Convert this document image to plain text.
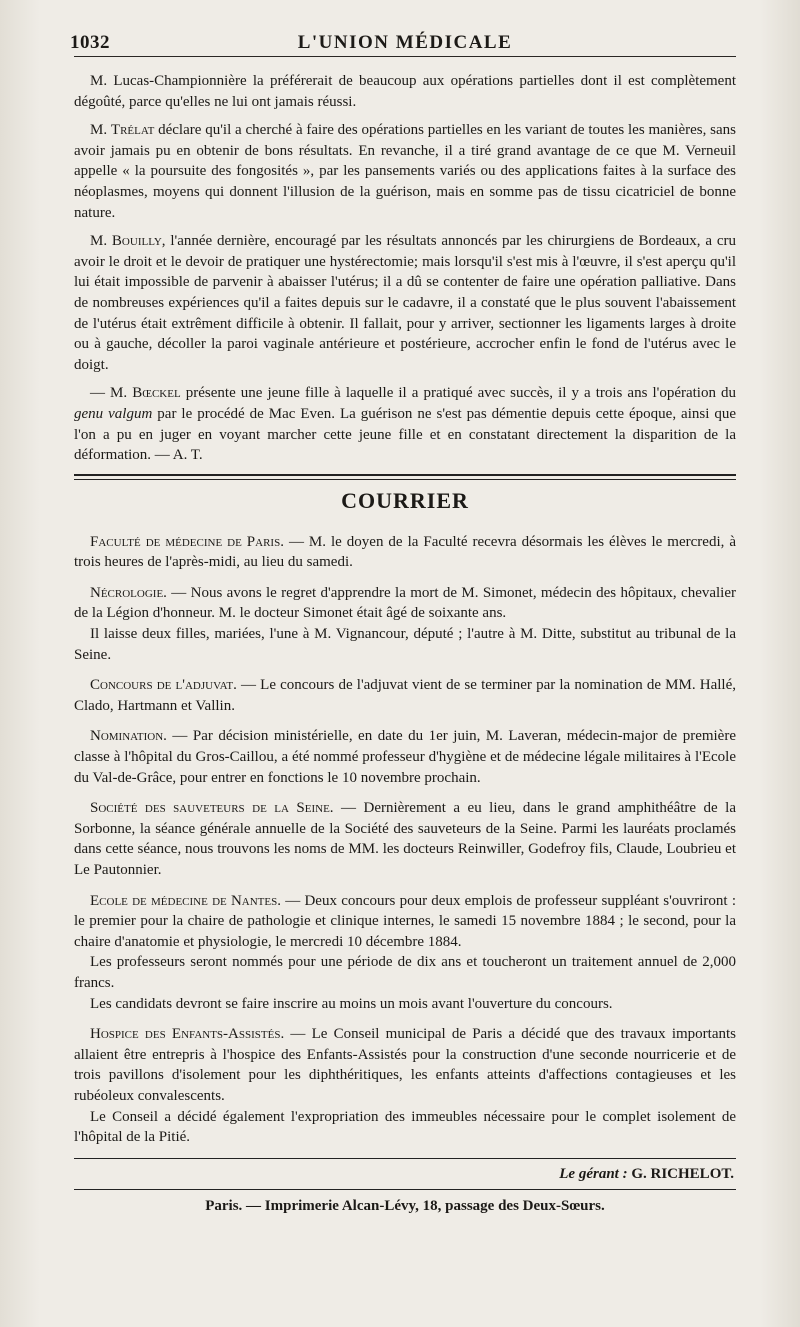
1032	L'UNION MÉDICALE

M. Lucas-Championnière la préférerait de beaucoup aux opérations partielles dont il est complètement dégoûté, parce qu'elles ne lui ont jamais réussi.

M. Trélat déclare qu'il a cherché à faire des opérations partielles en les variant de toutes les manières, sans avoir jamais pu en obtenir de bons résultats. En revanche, il a tiré grand avantage de ce que M. Verneuil appelle « la poursuite des fongosités », par les pansements variés ou des applications faites à la surface des néoplasmes, moyens qui donnent l'illusion de la guérison, mais en somme pas de tissu cicatriciel de bonne nature.

M. Bouilly, l'année dernière, encouragé par les résultats annoncés par les chirurgiens de Bordeaux, a cru avoir le droit et le devoir de pratiquer une hystérectomie; mais lorsqu'il s'est mis à l'œuvre, il s'est aperçu qu'il lui était impossible de parvenir à abaisser l'utérus; il a dû se contenter de faire une opération palliative. Dans de nombreuses expériences qu'il a faites depuis sur le cadavre, il a constaté que le plus souvent l'abaissement de l'utérus était extrêment difficile à obtenir. Il fallait, pour y arriver, sectionner les ligaments larges à droite ou à gauche, décoller la paroi vaginale antérieure et postérieure, accrocher enfin le fond de l'utérus avec le doigt.

— M. Bœckel présente une jeune fille à laquelle il a pratiqué avec succès, il y a trois ans l'opération du genu valgum par le procédé de Mac Even. La guérison ne s'est pas démentie depuis cette époque, ainsi que l'on a pu en juger en voyant marcher cette jeune fille et en constatant directement la disparition de la déformation. — A. T.

COURRIER

Faculté de médecine de Paris. — M. le doyen de la Faculté recevra désormais les élèves le mercredi, à trois heures de l'après-midi, au lieu du samedi.

Nécrologie. — Nous avons le regret d'apprendre la mort de M. Simonet, médecin des hôpitaux, chevalier de la Légion d'honneur. M. le docteur Simonet était âgé de soixante ans.

Il laisse deux filles, mariées, l'une à M. Vignancour, député ; l'autre à M. Ditte, substitut au tribunal de la Seine.

Concours de l'adjuvat. — Le concours de l'adjuvat vient de se terminer par la nomination de MM. Hallé, Clado, Hartmann et Vallin.

Nomination. — Par décision ministérielle, en date du 1er juin, M. Laveran, médecin-major de première classe à l'hôpital du Gros-Caillou, a été nommé professeur d'hygiène et de médecine légale militaires à l'Ecole du Val-de-Grâce, pour entrer en fonctions le 10 novembre prochain.

Société des sauveteurs de la Seine. — Dernièrement a eu lieu, dans le grand amphithéâtre de la Sorbonne, la séance générale annuelle de la Société des sauveteurs de la Seine. Parmi les lauréats proclamés dans cette séance, nous trouvons les noms de MM. les docteurs Reinwiller, Godefroy fils, Claude, Loubrieu et Le Pautonnier.

Ecole de médecine de Nantes. — Deux concours pour deux emplois de professeur suppléant s'ouvriront : le premier pour la chaire de pathologie et clinique internes, le samedi 15 novembre 1884 ; le second, pour la chaire d'anatomie et physiologie, le mercredi 10 décembre 1884.

Les professeurs seront nommés pour une période de dix ans et toucheront un traitement annuel de 2,000 francs.

Les candidats devront se faire inscrire au moins un mois avant l'ouverture du concours.

Hospice des Enfants-Assistés. — Le Conseil municipal de Paris a décidé que des travaux importants allaient être entrepris à l'hospice des Enfants-Assistés pour la construction d'une seconde nourricerie et de trois pavillons d'isolement pour les diphthéritiques, les enfants atteints d'affections contagieuses et les rubéoleux convalescents.

Le Conseil a décidé également l'expropriation des immeubles nécessaire pour le complet isolement de l'hôpital de la Pitié.

Le gérant : G. RICHELOT.
Paris. — Imprimerie Alcan-Lévy, 18, passage des Deux-Sœurs.
